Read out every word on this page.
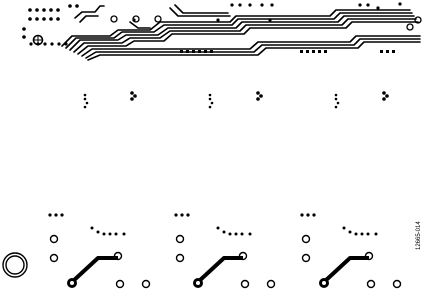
12665-014
